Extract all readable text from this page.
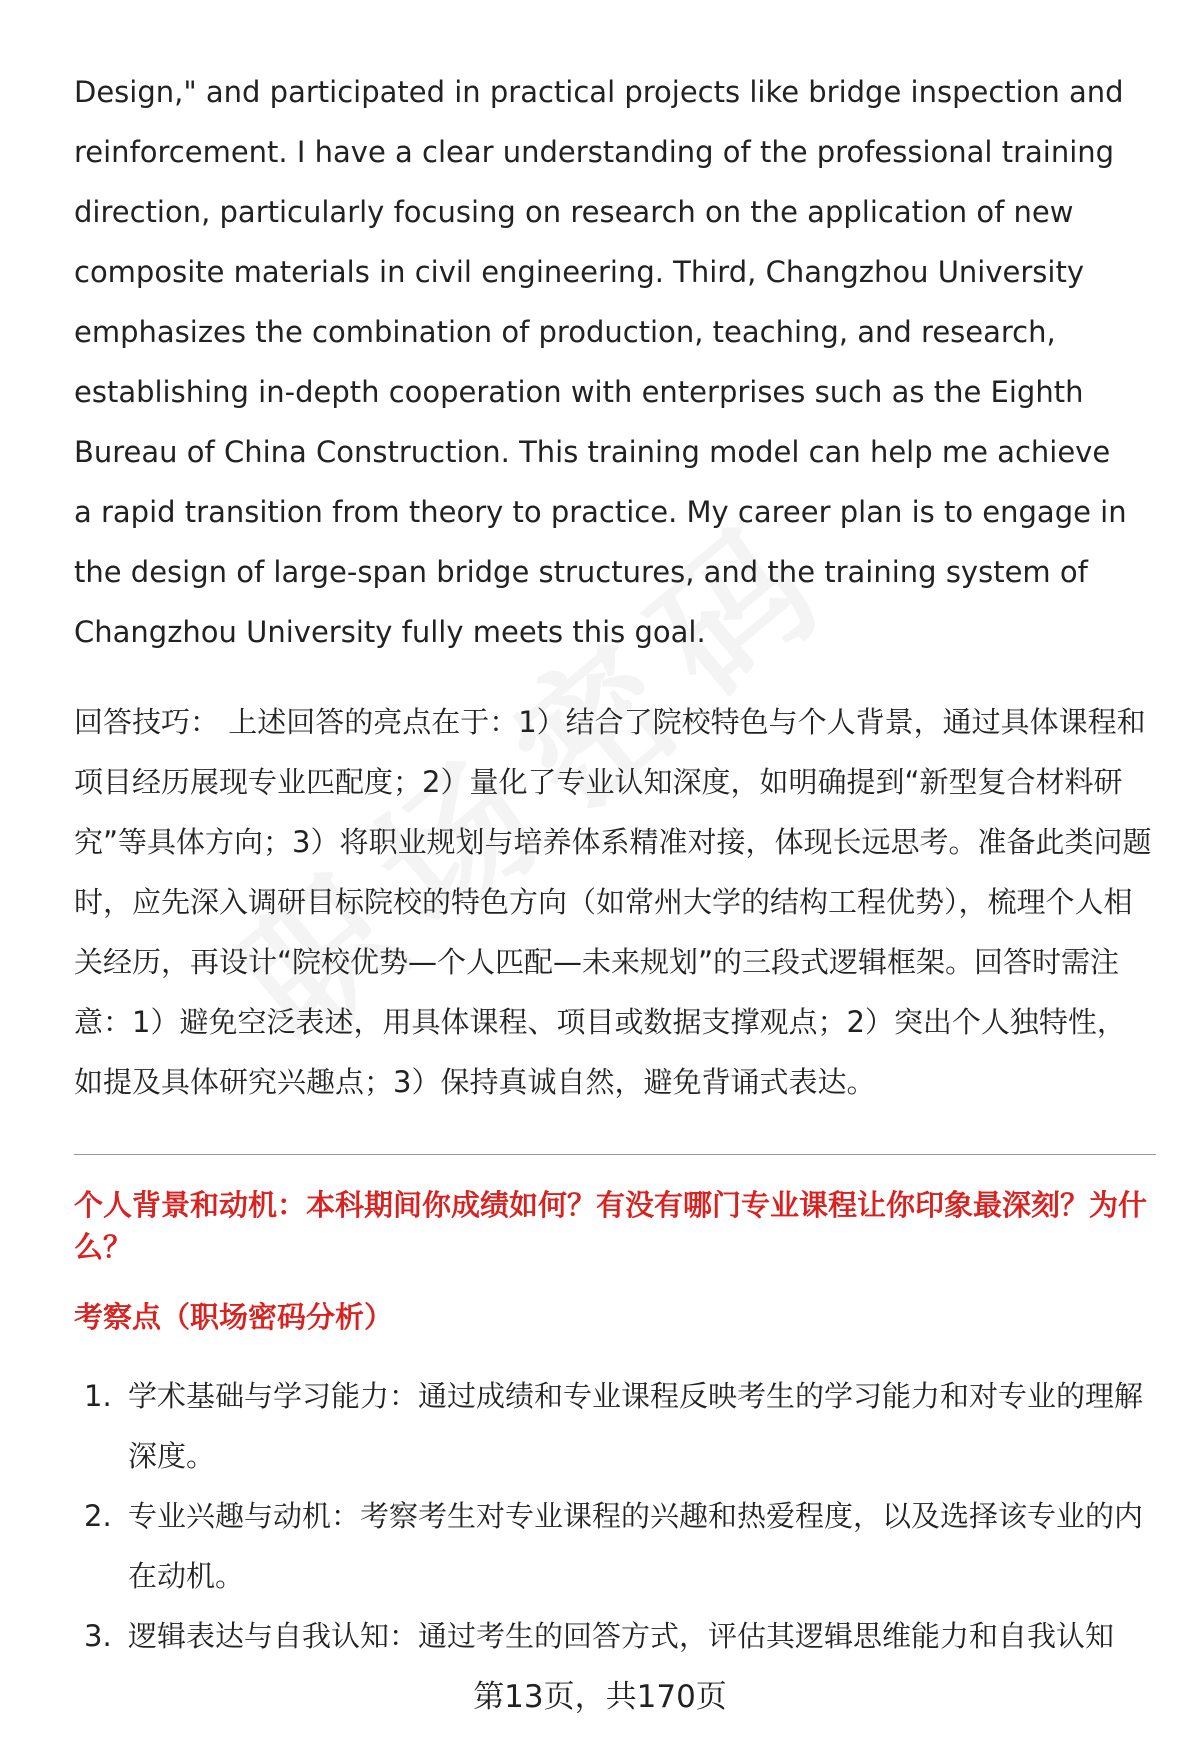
Design," and participated in practical projects like bridge inspection and reinforcement. I have a clear understanding of the professional training direction, particularly focusing on research on the application of new composite materials in civil engineering. Third, Changzhou University emphasizes the combination of production, teaching, and research, establishing in-depth cooperation with enterprises such as the Eighth Bureau of China Construction. This training model can help me achieve a rapid transition from theory to practice. My career plan is to engage in the design of large-span bridge structures, and the training system of Changzhou University fully meets this goal.

回答技巧： 上述回答的亮点在于：1）结合了院校特色与个人背景，通过具体课程和项目经历展现专业匹配度；2）量化了专业认知深度，如明确提到“新型复合材料研究”等具体方向；3）将职业规划与培养体系精准对接，体现长远思考。准备此类问题时，应先深入调研目标院校的特色方向（如常州大学的结构工程优势），梳理个人相关经历，再设计“院校优势—个人匹配—未来规划”的三段式逻辑框架。回答时需注意：1）避免空泛表述，用具体课程、项目或数据支撑观点；2）突出个人独特性，如提及具体研究兴趣点；3）保持真诚自然，避免背诵式表达。

个人背景和动机：本科期间你成绩如何？有没有哪门专业课程让你印象最深刻？为什么？
考察点（职场密码分析）
1. 学术基础与学习能力：通过成绩和专业课程反映考生的学习能力和对专业的理解深度。
2. 专业兴趣与动机：考察考生对专业课程的兴趣和热爱程度，以及选择该专业的内在动机。
3. 逻辑表达与自我认知：通过考生的回答方式，评估其逻辑思维能力和自我认知
第13页，共170页
